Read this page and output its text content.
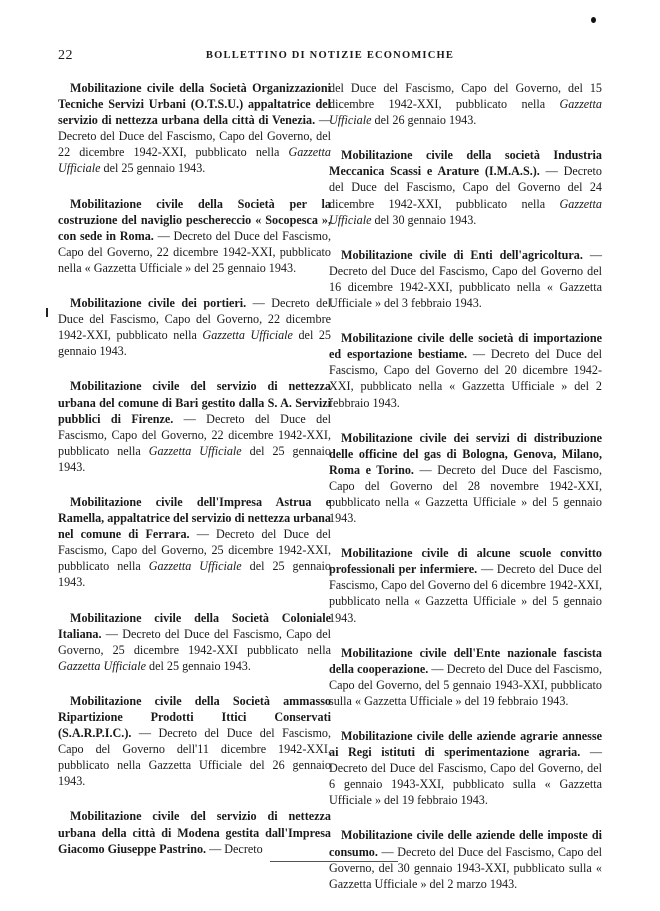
22	BOLLETTINO DI NOTIZIE ECONOMICHE

Mobilitazione civile della Società Organizzazioni Tecniche Servizi Urbani (O.T.S.U.) appaltatrice del servizio di nettezza urbana della città di Venezia. — Decreto del Duce del Fascismo, Capo del Governo, del 22 dicembre 1942-XXI, pubblicato nella Gazzetta Ufficiale del 25 gennaio 1943.

Mobilitazione civile della Società per la costruzione del naviglio peschereccio « Socopesca », con sede in Roma. — Decreto del Duce del Fascismo, Capo del Governo, 22 dicembre 1942-XXI, pubblicato nella « Gazzetta Ufficiale » del 25 gennaio 1943.

Mobilitazione civile dei portieri. — Decreto del Duce del Fascismo, Capo del Governo, 22 dicembre 1942-XXI, pubblicato nella Gazzetta Ufficiale del 25 gennaio 1943.

Mobilitazione civile del servizio di nettezza urbana del comune di Bari gestito dalla S. A. Servizi pubblici di Firenze. — Decreto del Duce del Fascismo, Capo del Governo, 22 dicembre 1942-XXI, pubblicato nella Gazzetta Ufficiale del 25 gennaio 1943.

Mobilitazione civile dell'Impresa Astrua e Ramella, appaltatrice del servizio di nettezza urbana nel comune di Ferrara. — Decreto del Duce del Fascismo, Capo del Governo, 25 dicembre 1942-XXI, pubblicato nella Gazzetta Ufficiale del 25 gennaio 1943.

Mobilitazione civile della Società Coloniale Italiana. — Decreto del Duce del Fascismo, Capo del Governo, 25 dicembre 1942-XXI pubblicato nella Gazzetta Ufficiale del 25 gennaio 1943.

Mobilitazione civile della Società ammasso Ripartizione Prodotti Ittici Conservati (S.A.R.P.I.C.). — Decreto del Duce del Fascismo, Capo del Governo dell'11 dicembre 1942-XXI, pubblicato nella Gazzetta Ufficiale del 26 gennaio 1943.

Mobilitazione civile del servizio di nettezza urbana della città di Modena gestita dall'Impresa Giacomo Giuseppe Pastrino. — Decreto

del Duce del Fascismo, Capo del Governo, del 15 dicembre 1942-XXI, pubblicato nella Gazzetta Ufficiale del 26 gennaio 1943.

Mobilitazione civile della società Industria Meccanica Scassi e Arature (I.M.A.S.). — Decreto del Duce del Fascismo, Capo del Governo del 24 dicembre 1942-XXI, pubblicato nella Gazzetta Ufficiale del 30 gennaio 1943.

Mobilitazione civile di Enti dell'agricoltura. — Decreto del Duce del Fascismo, Capo del Governo del 16 dicembre 1942-XXI, pubblicato nella « Gazzetta Ufficiale » del 3 febbraio 1943.

Mobilitazione civile delle società di importazione ed esportazione bestiame. — Decreto del Duce del Fascismo, Capo del Governo del 20 dicembre 1942-XXI, pubblicato nella « Gazzetta Ufficiale » del 2 febbraio 1943.

Mobilitazione civile dei servizi di distribuzione delle officine del gas di Bologna, Genova, Milano, Roma e Torino. — Decreto del Duce del Fascismo, Capo del Governo del 28 novembre 1942-XXI, pubblicato nella « Gazzetta Ufficiale » del 5 gennaio 1943.

Mobilitazione civile di alcune scuole convitto professionali per infermiere. — Decreto del Duce del Fascismo, Capo del Governo del 6 dicembre 1942-XXI, pubblicato nella « Gazzetta Ufficiale » del 5 gennaio 1943.

Mobilitazione civile dell'Ente nazionale fascista della cooperazione. — Decreto del Duce del Fascismo, Capo del Governo, del 5 gennaio 1943-XXI, pubblicato sulla « Gazzetta Ufficiale » del 19 febbraio 1943.

Mobilitazione civile delle aziende agrarie annesse ai Regi istituti di sperimentazione agraria. — Decreto del Duce del Fascismo, Capo del Governo, del 6 gennaio 1943-XXI, pubblicato sulla « Gazzetta Ufficiale » del 19 febbraio 1943.

Mobilitazione civile delle aziende delle imposte di consumo. — Decreto del Duce del Fascismo, Capo del Governo, del 30 gennaio 1943-XXI, pubblicato sulla « Gazzetta Ufficiale » del 2 marzo 1943.
